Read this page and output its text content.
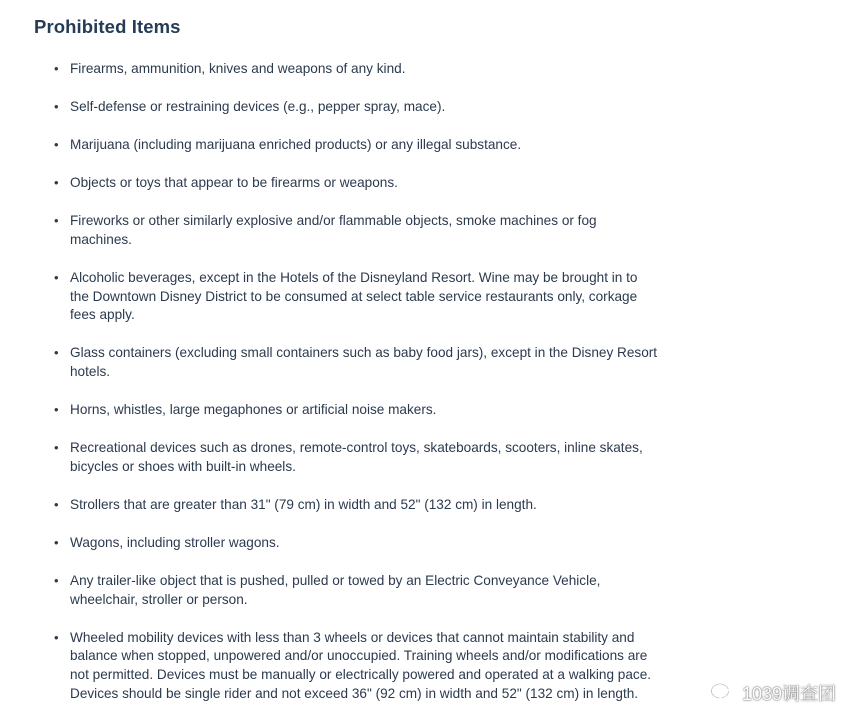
Prohibited Items
• Firearms, ammunition, knives and weapons of any kind.
• Self-defense or restraining devices (e.g., pepper spray, mace).
• Marijuana (including marijuana enriched products) or any illegal substance.
• Objects or toys that appear to be firearms or weapons.
• Fireworks or other similarly explosive and/or flammable objects, smoke machines or fog machines.
• Alcoholic beverages, except in the Hotels of the Disneyland Resort. Wine may be brought in to the Downtown Disney District to be consumed at select table service restaurants only, corkage fees apply.
• Glass containers (excluding small containers such as baby food jars), except in the Disney Resort hotels.
• Horns, whistles, large megaphones or artificial noise makers.
• Recreational devices such as drones, remote-control toys, skateboards, scooters, inline skates, bicycles or shoes with built-in wheels.
• Strollers that are greater than 31" (79 cm) in width and 52" (132 cm) in length.
• Wagons, including stroller wagons.
• Any trailer-like object that is pushed, pulled or towed by an Electric Conveyance Vehicle, wheelchair, stroller or person.
• Wheeled mobility devices with less than 3 wheels or devices that cannot maintain stability and balance when stopped, unpowered and/or unoccupied. Training wheels and/or modifications are not permitted. Devices must be manually or electrically powered and operated at a walking pace. Devices should be single rider and not exceed 36" (92 cm) in width and 52" (132 cm) in length.	1039调查团
